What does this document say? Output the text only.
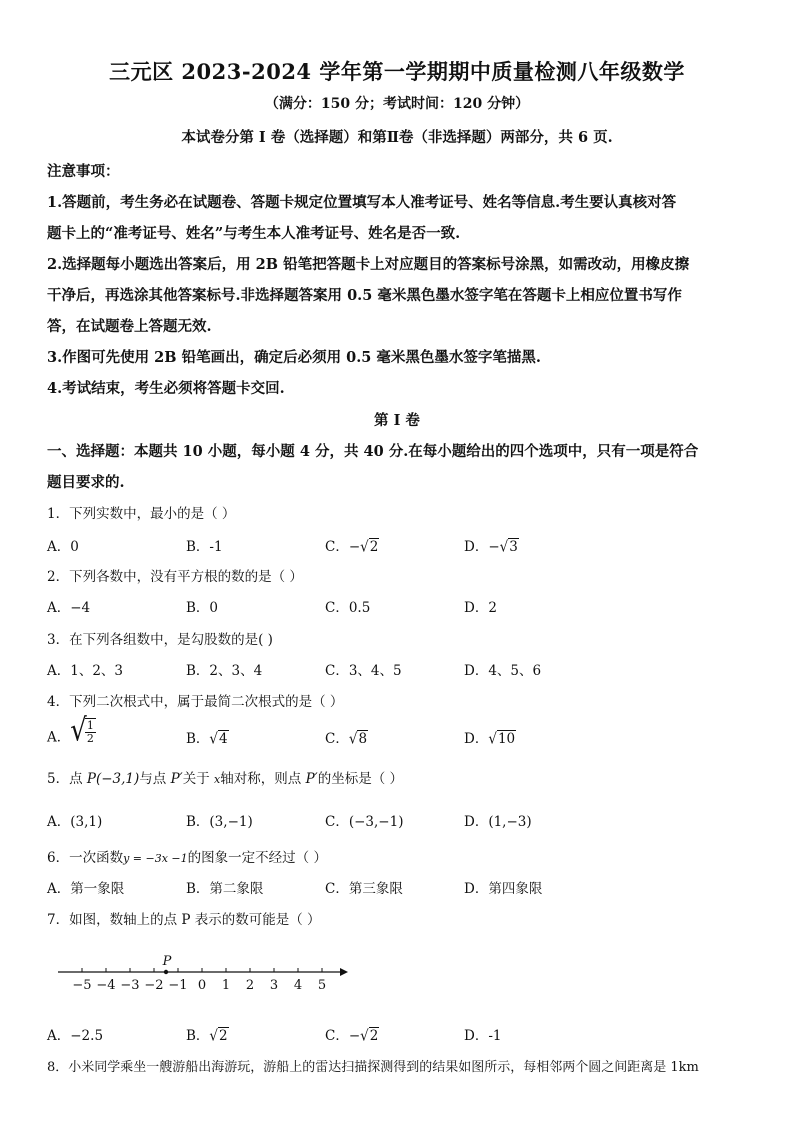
三元区 2023-2024 学年第一学期期中质量检测八年级数学
（满分：150 分；考试时间：120 分钟）
本试卷分第 I 卷（选择题）和第Ⅱ卷（非选择题）两部分，共 6 页.
注意事项：
1.答题前，考生务必在试题卷、答题卡规定位置填写本人准考证号、姓名等信息.考生要认真核对答
题卡上的“准考证号、姓名”与考生本人准考证号、姓名是否一致.
2.选择题每小题选出答案后，用 2B 铅笔把答题卡上对应题目的答案标号涂黑，如需改动，用橡皮擦
干净后，再选涂其他答案标号.非选择题答案用 0.5 毫米黑色墨水签字笔在答题卡上相应位置书写作
答，在试题卷上答题无效.
3.作图可先使用 2B 铅笔画出，确定后必须用 0.5 毫米黑色墨水签字笔描黑.
4.考试结束，考生必须将答题卡交回.
第 I 卷
一、选择题：本题共 10 小题，每小题 4 分，共 40 分.在每小题给出的四个选项中，只有一项是符合
题目要求的.
1．下列实数中，最小的是（ ）
A．0	B．-1	C．−√2	D．−√3
2．下列各数中，没有平方根的数的是（ ）
A．−4	B．0	C．0.5	D．2
3．在下列各组数中，是勾股数的是( )
A．1、2、3	B．2、3、4	C．3、4、5	D．4、5、6
4．下列二次根式中，属于最简二次根式的是（ ）
A． √
$\frac{1}{2}$	B．√4	C．√8	D．√10
5．点 P(−3,1)与点 P′关于 x轴对称，则点 P′的坐标是（ ）
A．(3,1)	B．(3,−1)	C．(−3,−1)	D．(1,−3)
6．一次函数y = −3x −1的图象一定不经过（ ）
A．第一象限	B．第二象限	C．第三象限	D．第四象限
7．如图，数轴上的点 P 表示的数可能是（ ）
−5 −4 −3 −2 −1 0 1 2 3 4 5
P
A．−2.5	B．√2	C．−√2	D．-1
8．小米同学乘坐一艘游船出海游玩，游船上的雷达扫描探测得到的结果如图所示，每相邻两个圆之间距离是 1km
